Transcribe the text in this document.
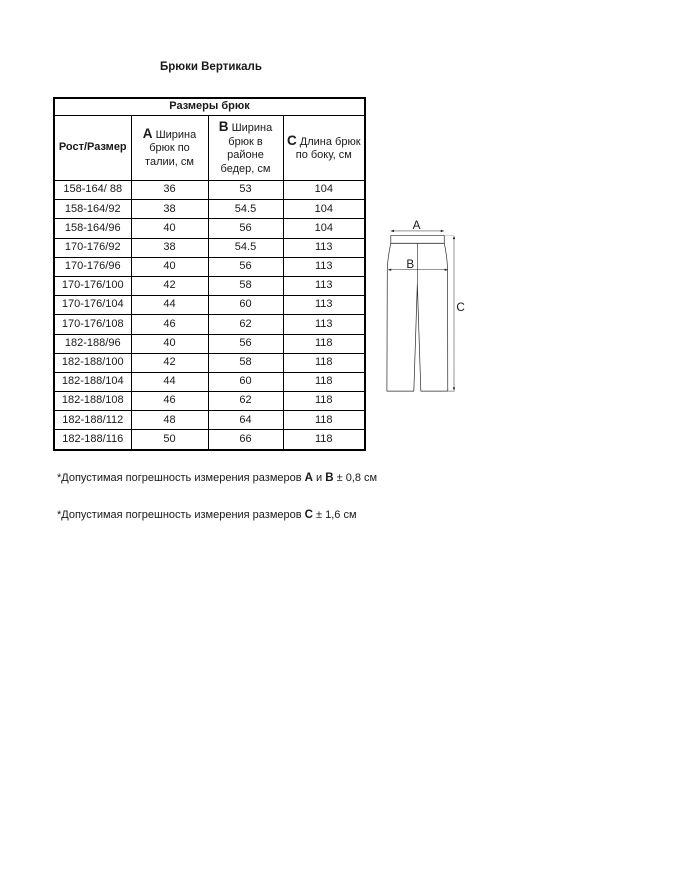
Брюки Вертикаль
Размеры брюк			
Рост/Размер	А Ширина брюк по талии, см	В Ширина брюк в районе бедер, см	С Длина брюк по боку, см
158-164/ 88	36	53	104
158-164/92	38	54.5	104
158-164/96	40	56	104
170-176/92	38	54.5	113
170-176/96	40	56	113
170-176/100	42	58	113
170-176/104	44	60	113
170-176/108	46	62	113
182-188/96	40	56	118
182-188/100	42	58	118
182-188/104	44	60	118
182-188/108	46	62	118
182-188/112	48	64	118
182-188/116	50	66	118

*Допустимая погрешность измерения размеров А и В ± 0,8 см

*Допустимая погрешность измерения размеров С ± 1,6 см

A
B
C
